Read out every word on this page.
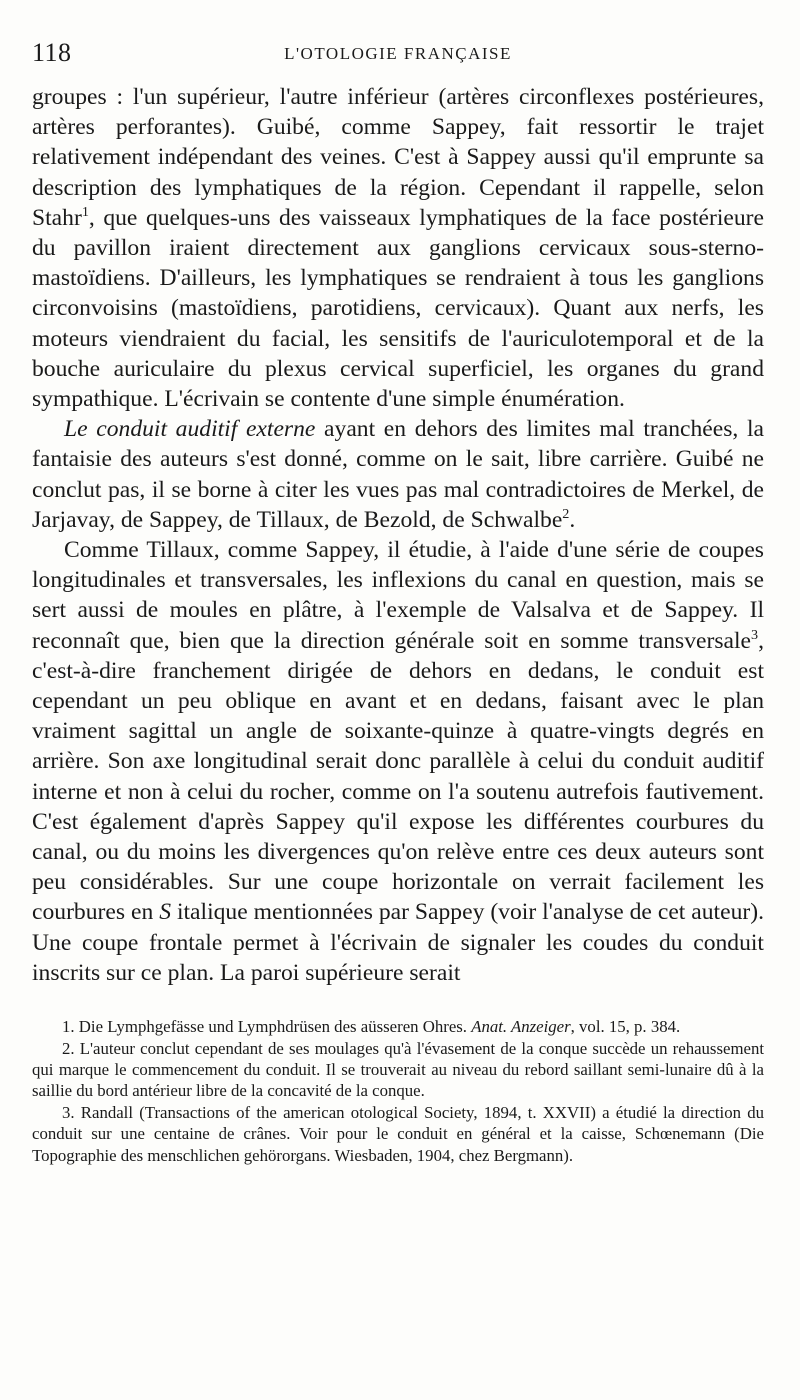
118	L'OTOLOGIE FRANÇAISE

groupes : l'un supérieur, l'autre inférieur (artères circonflexes postérieures, artères perforantes). Guibé, comme Sappey, fait ressortir le trajet relativement indépendant des veines. C'est à Sappey aussi qu'il emprunte sa description des lymphatiques de la région. Cependant il rappelle, selon Stahr$^1$, que quelques-uns des vaisseaux lymphatiques de la face postérieure du pavillon iraient directement aux ganglions cervicaux sous-sterno-mastoïdiens. D'ailleurs, les lymphatiques se rendraient à tous les ganglions circonvoisins (mastoïdiens, parotidiens, cervicaux). Quant aux nerfs, les moteurs viendraient du facial, les sensitifs de l'auriculotemporal et de la bouche auriculaire du plexus cervical superficiel, les organes du grand sympathique. L'écrivain se contente d'une simple énumération.

Le conduit auditif externe ayant en dehors des limites mal tranchées, la fantaisie des auteurs s'est donné, comme on le sait, libre carrière. Guibé ne conclut pas, il se borne à citer les vues pas mal contradictoires de Merkel, de Jarjavay, de Sappey, de Tillaux, de Bezold, de Schwalbe$^2$.

Comme Tillaux, comme Sappey, il étudie, à l'aide d'une série de coupes longitudinales et transversales, les inflexions du canal en question, mais se sert aussi de moules en plâtre, à l'exemple de Valsalva et de Sappey. Il reconnaît que, bien que la direction générale soit en somme transversale$^3$, c'est-à-dire franchement dirigée de dehors en dedans, le conduit est cependant un peu oblique en avant et en dedans, faisant avec le plan vraiment sagittal un angle de soixante-quinze à quatre-vingts degrés en arrière. Son axe longitudinal serait donc parallèle à celui du conduit auditif interne et non à celui du rocher, comme on l'a soutenu autrefois fautivement. C'est également d'après Sappey qu'il expose les différentes courbures du canal, ou du moins les divergences qu'on relève entre ces deux auteurs sont peu considérables. Sur une coupe horizontale on verrait facilement les courbures en S italique mentionnées par Sappey (voir l'analyse de cet auteur). Une coupe frontale permet à l'écrivain de signaler les coudes du conduit inscrits sur ce plan. La paroi supérieure serait

1. Die Lymphgefässe und Lymphdrüsen des aüsseren Ohres. Anat. Anzeiger, vol. 15, p. 384.

2. L'auteur conclut cependant de ses moulages qu'à l'évasement de la conque succède un rehaussement qui marque le commencement du conduit. Il se trouverait au niveau du rebord saillant semi-lunaire dû à la saillie du bord antérieur libre de la concavité de la conque.

3. Randall (Transactions of the american otological Society, 1894, t. XXVII) a étudié la direction du conduit sur une centaine de crânes. Voir pour le conduit en général et la caisse, Schœnemann (Die Topographie des menschlichen gehörorgans. Wiesbaden, 1904, chez Bergmann).
